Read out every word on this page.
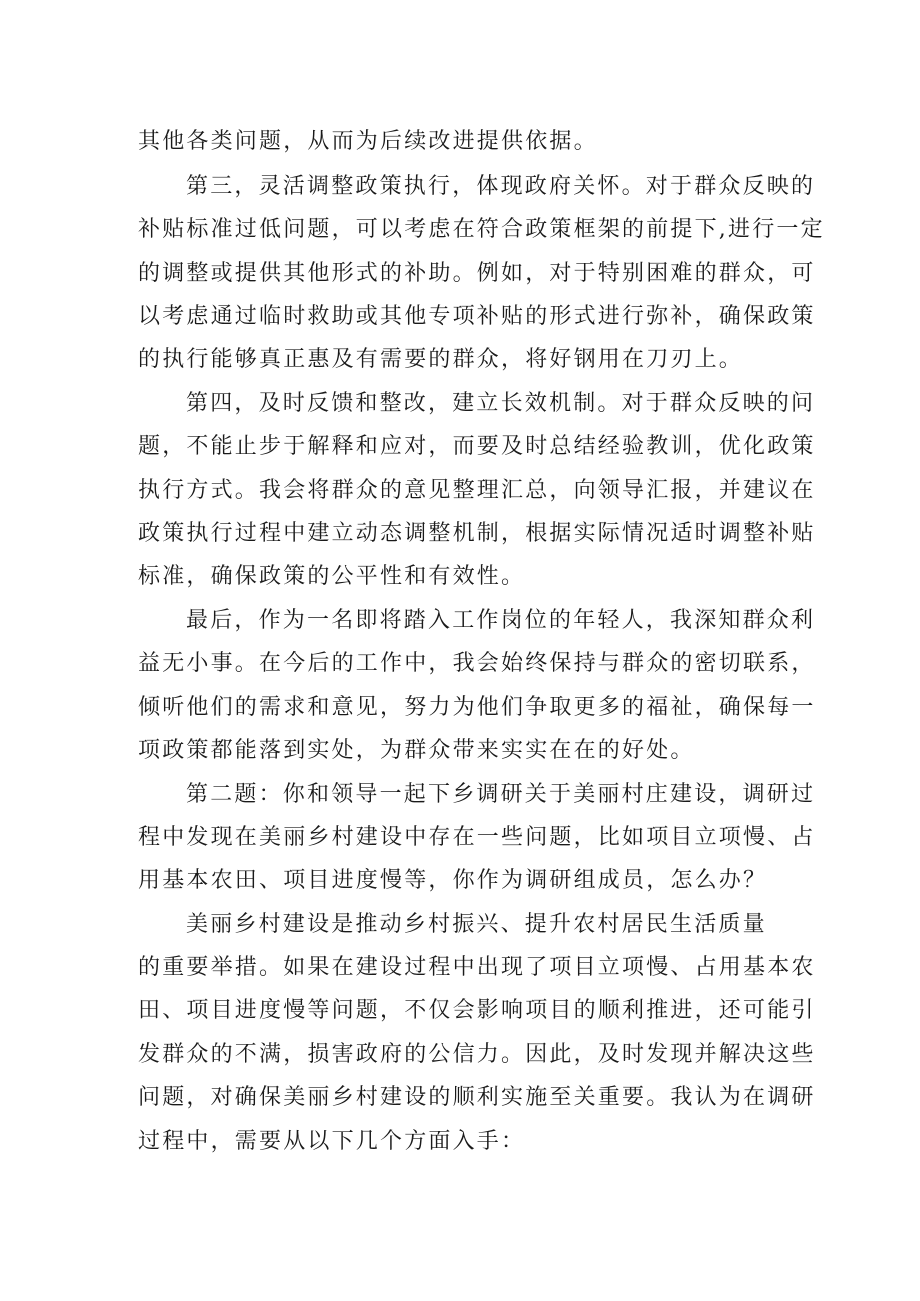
其他各类问题，从而为后续改进提供依据。
第三，灵活调整政策执行，体现政府关怀。对于群众反映的
补贴标准过低问题，可以考虑在符合政策框架的前提下,进行一定
的调整或提供其他形式的补助。例如，对于特别困难的群众，可
以考虑通过临时救助或其他专项补贴的形式进行弥补，确保政策
的执行能够真正惠及有需要的群众，将好钢用在刀刃上。
第四，及时反馈和整改，建立长效机制。对于群众反映的问
题，不能止步于解释和应对，而要及时总结经验教训，优化政策
执行方式。我会将群众的意见整理汇总，向领导汇报，并建议在
政策执行过程中建立动态调整机制，根据实际情况适时调整补贴
标准，确保政策的公平性和有效性。
最后，作为一名即将踏入工作岗位的年轻人，我深知群众利
益无小事。在今后的工作中，我会始终保持与群众的密切联系，
倾听他们的需求和意见，努力为他们争取更多的福祉，确保每一
项政策都能落到实处，为群众带来实实在在的好处。
第二题：你和领导一起下乡调研关于美丽村庄建设，调研过
程中发现在美丽乡村建设中存在一些问题，比如项目立项慢、占
用基本农田、项目进度慢等，你作为调研组成员，怎么办？
美丽乡村建设是推动乡村振兴、提升农村居民生活质量
的重要举措。如果在建设过程中出现了项目立项慢、占用基本农
田、项目进度慢等问题，不仅会影响项目的顺利推进，还可能引
发群众的不满，损害政府的公信力。因此，及时发现并解决这些
问题，对确保美丽乡村建设的顺利实施至关重要。我认为在调研
过程中，需要从以下几个方面入手：
